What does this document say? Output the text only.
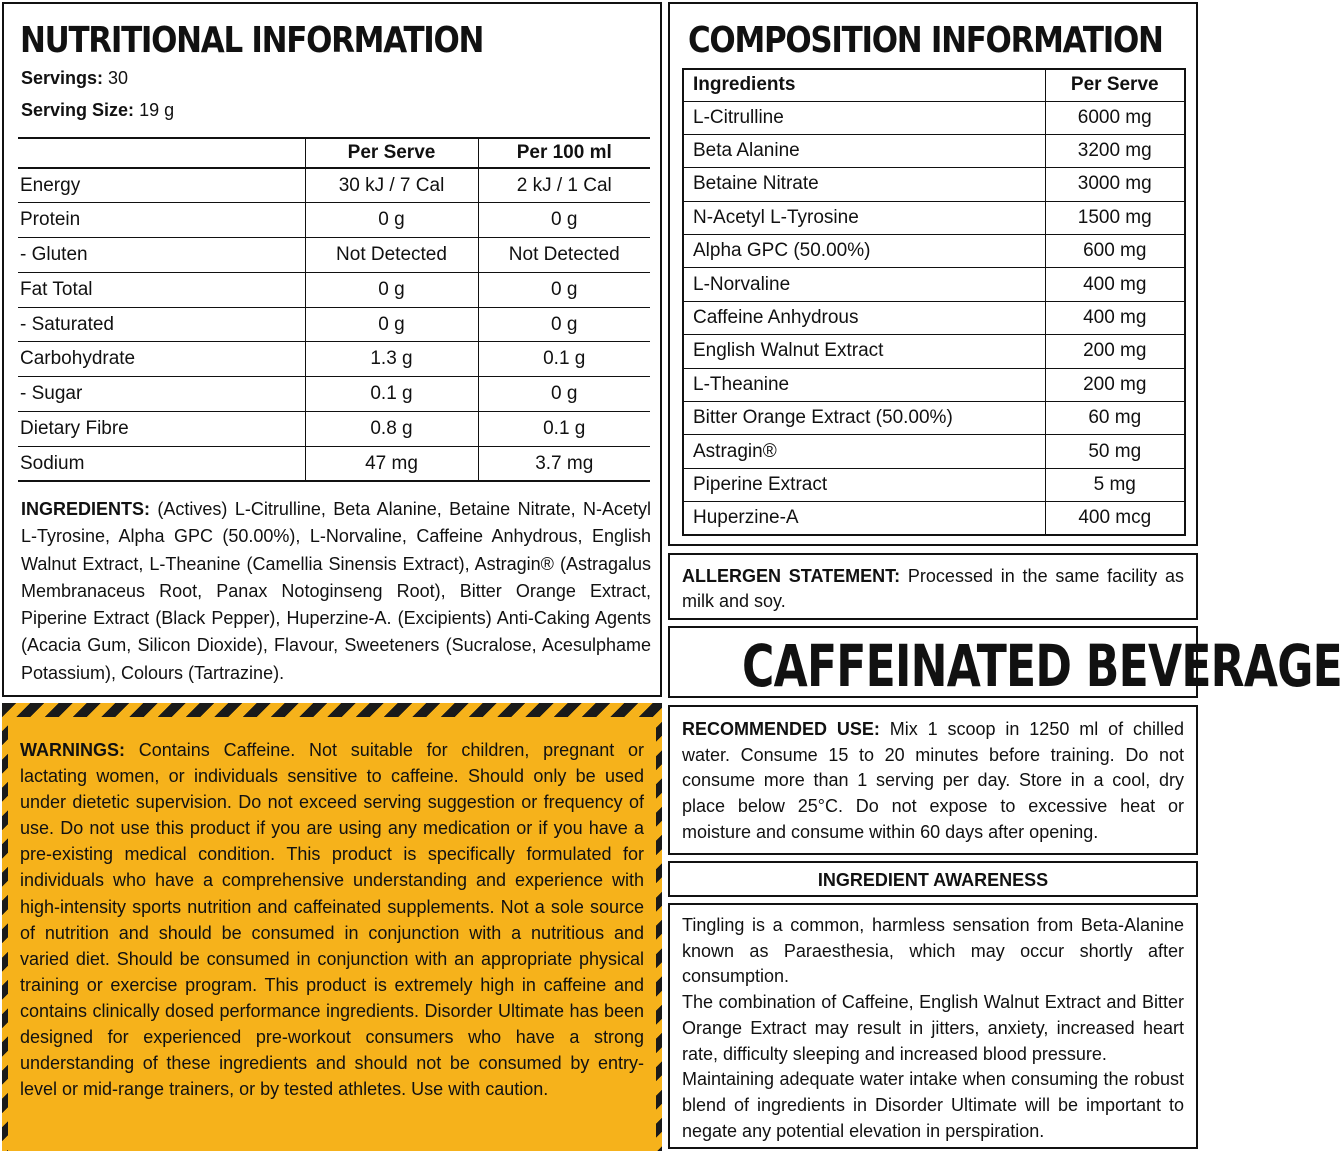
NUTRITIONAL INFORMATION
Servings: 30
Serving Size: 19 g
	Per Serve	Per 100 ml
Energy	30 kJ / 7 Cal	2 kJ / 1 Cal
Protein	0 g	0 g
- Gluten	Not Detected	Not Detected
Fat Total	0 g	0 g
- Saturated	0 g	0 g
Carbohydrate	1.3 g	0.1 g
- Sugar	0.1 g	0 g
Dietary Fibre	0.8 g	0.1 g
Sodium	47 mg	3.7 mg
INGREDIENTS: (Actives) L-Citrulline, Beta Alanine, Betaine Nitrate, N-Acetyl L-Tyrosine, Alpha GPC (50.00%), L-Norvaline, Caffeine Anhydrous, English Walnut Extract, L-Theanine (Camellia Sinensis Extract), Astragin® (Astragalus Membranaceus Root, Panax Notoginseng Root), Bitter Orange Extract, Piperine Extract (Black Pepper), Huperzine-A. (Excipients) Anti-Caking Agents (Acacia Gum, Silicon Dioxide), Flavour, Sweeteners (Sucralose, Acesulphame Potassium), Colours (Tartrazine).
COMPOSITION INFORMATION
Ingredients	Per Serve
L-Citrulline	6000 mg
Beta Alanine	3200 mg
Betaine Nitrate	3000 mg
N-Acetyl L-Tyrosine	1500 mg
Alpha GPC (50.00%)	600 mg
L-Norvaline	400 mg
Caffeine Anhydrous	400 mg
English Walnut Extract	200 mg
L-Theanine	200 mg
Bitter Orange Extract (50.00%)	60 mg
Astragin®	50 mg
Piperine Extract	5 mg
Huperzine-A	400 mcg
ALLERGEN STATEMENT: Processed in the same facility as milk and soy.
CAFFEINATED BEVERAGE
WARNINGS: Contains Caffeine. Not suitable for children, pregnant or lactating women, or individuals sensitive to caffeine. Should only be used under dietetic supervision. Do not exceed serving suggestion or frequency of use. Do not use this product if you are using any medication or if you have a pre-existing medical condition. This product is specifically formulated for individuals who have a comprehensive understanding and experience with high-intensity sports nutrition and caffeinated supplements. Not a sole source of nutrition and should be consumed in conjunction with a nutritious and varied diet. Should be consumed in conjunction with an appropriate physical training or exercise program. This product is extremely high in caffeine and contains clinically dosed performance ingredients. Disorder Ultimate has been designed for experienced pre-workout consumers who have a strong understanding of these ingredients and should not be consumed by entry-level or mid-range trainers, or by tested athletes. Use with caution.
RECOMMENDED USE: Mix 1 scoop in 1250 ml of chilled water. Consume 15 to 20 minutes before training. Do not consume more than 1 serving per day. Store in a cool, dry place below 25°C. Do not expose to excessive heat or moisture and consume within 60 days after opening.
INGREDIENT AWARENESS

Tingling is a common, harmless sensation from Beta-Alanine known as Paraesthesia, which may occur shortly after consumption.

The combination of Caffeine, English Walnut Extract and Bitter Orange Extract may result in jitters, anxiety, increased heart rate, difficulty sleeping and increased blood pressure.

Maintaining adequate water intake when consuming the robust blend of ingredients in Disorder Ultimate will be important to negate any potential elevation in perspiration.
